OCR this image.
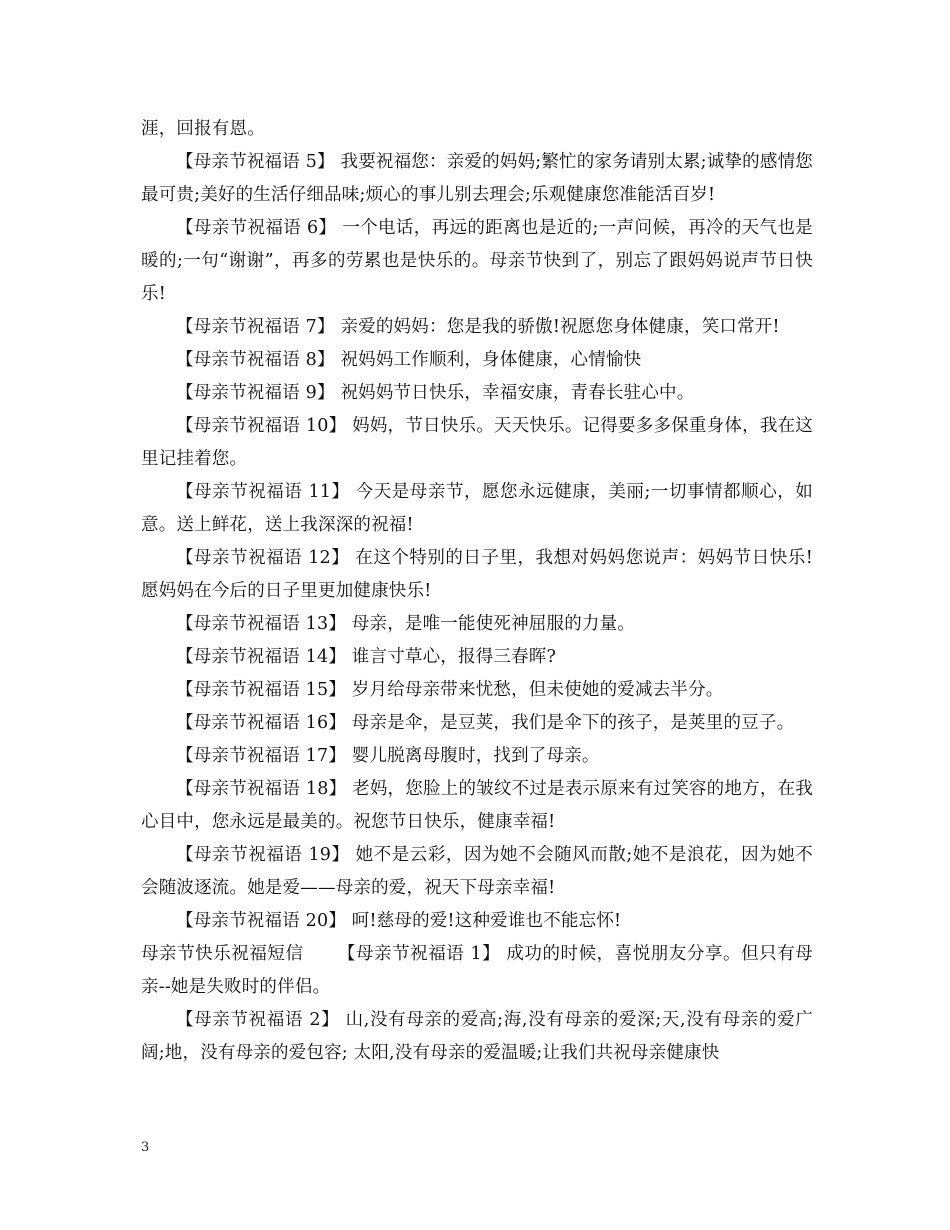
涯，回报有恩。

【母亲节祝福语 5】 我要祝福您：亲爱的妈妈;繁忙的家务请别太累;诚挚的感情您最可贵;美好的生活仔细品味;烦心的事儿别去理会;乐观健康您准能活百岁!

【母亲节祝福语 6】 一个电话，再远的距离也是近的;一声问候，再冷的天气也是暖的;一句“谢谢”，再多的劳累也是快乐的。母亲节快到了，别忘了跟妈妈说声节日快乐!

【母亲节祝福语 7】 亲爱的妈妈：您是我的骄傲!祝愿您身体健康，笑口常开!

【母亲节祝福语 8】 祝妈妈工作顺利，身体健康，心情愉快

【母亲节祝福语 9】 祝妈妈节日快乐，幸福安康，青春长驻心中。

【母亲节祝福语 10】 妈妈，节日快乐。天天快乐。记得要多多保重身体，我在这里记挂着您。

【母亲节祝福语 11】 今天是母亲节，愿您永远健康，美丽;一切事情都顺心，如意。送上鲜花，送上我深深的祝福!

【母亲节祝福语 12】 在这个特别的日子里，我想对妈妈您说声：妈妈节日快乐!愿妈妈在今后的日子里更加健康快乐!

【母亲节祝福语 13】 母亲，是唯一能使死神屈服的力量。

【母亲节祝福语 14】 谁言寸草心，报得三春晖?

【母亲节祝福语 15】 岁月给母亲带来忧愁，但未使她的爱减去半分。

【母亲节祝福语 16】 母亲是伞，是豆荚，我们是伞下的孩子，是荚里的豆子。

【母亲节祝福语 17】 婴儿脱离母腹时，找到了母亲。

【母亲节祝福语 18】 老妈，您脸上的皱纹不过是表示原来有过笑容的地方，在我心目中，您永远是最美的。祝您节日快乐，健康幸福!

【母亲节祝福语 19】 她不是云彩，因为她不会随风而散;她不是浪花，因为她不会随波逐流。她是爱——母亲的爱，祝天下母亲幸福!

【母亲节祝福语 20】 呵!慈母的爱!这种爱谁也不能忘怀!

母亲节快乐祝福短信 【母亲节祝福语 1】 成功的时候，喜悦朋友分享。但只有母亲--她是失败时的伴侣。

【母亲节祝福语 2】 山,没有母亲的爱高;海,没有母亲的爱深;天,没有母亲的爱广阔;地，没有母亲的爱包容; 太阳,没有母亲的爱温暖;让我们共祝母亲健康快

3
